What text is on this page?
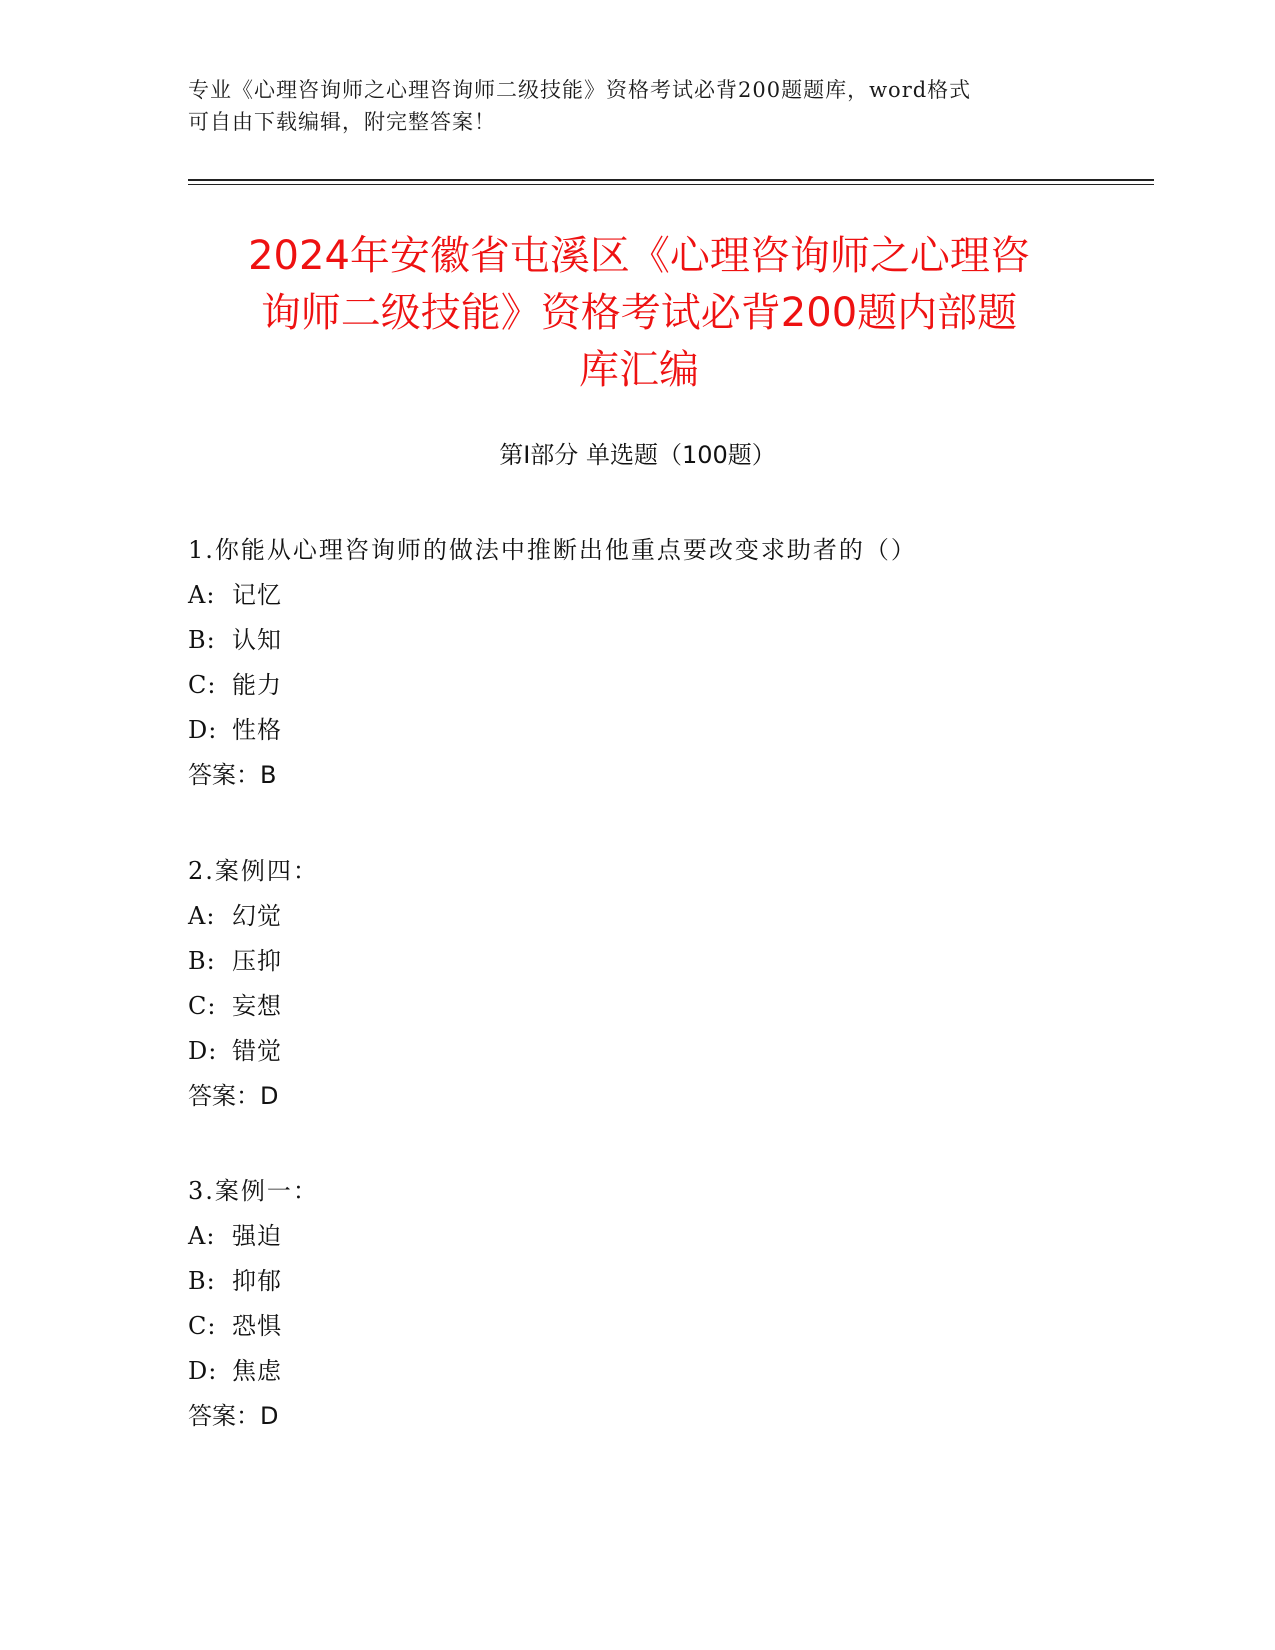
专业《心理咨询师之心理咨询师二级技能》资格考试必背200题题库，word格式
可自由下载编辑，附完整答案！
2024年安徽省屯溪区《心理咨询师之心理咨
询师二级技能》资格考试必背200题内部题
库汇编
第Ⅰ部分 单选题（100题）
1.你能从心理咨询师的做法中推断出他重点要改变求助者的（）
A: 记忆
B: 认知
C: 能力
D: 性格
答案：B
2.案例四：
A: 幻觉
B: 压抑
C: 妄想
D: 错觉
答案：D
3.案例一：
A: 强迫
B: 抑郁
C: 恐惧
D: 焦虑
答案：D
